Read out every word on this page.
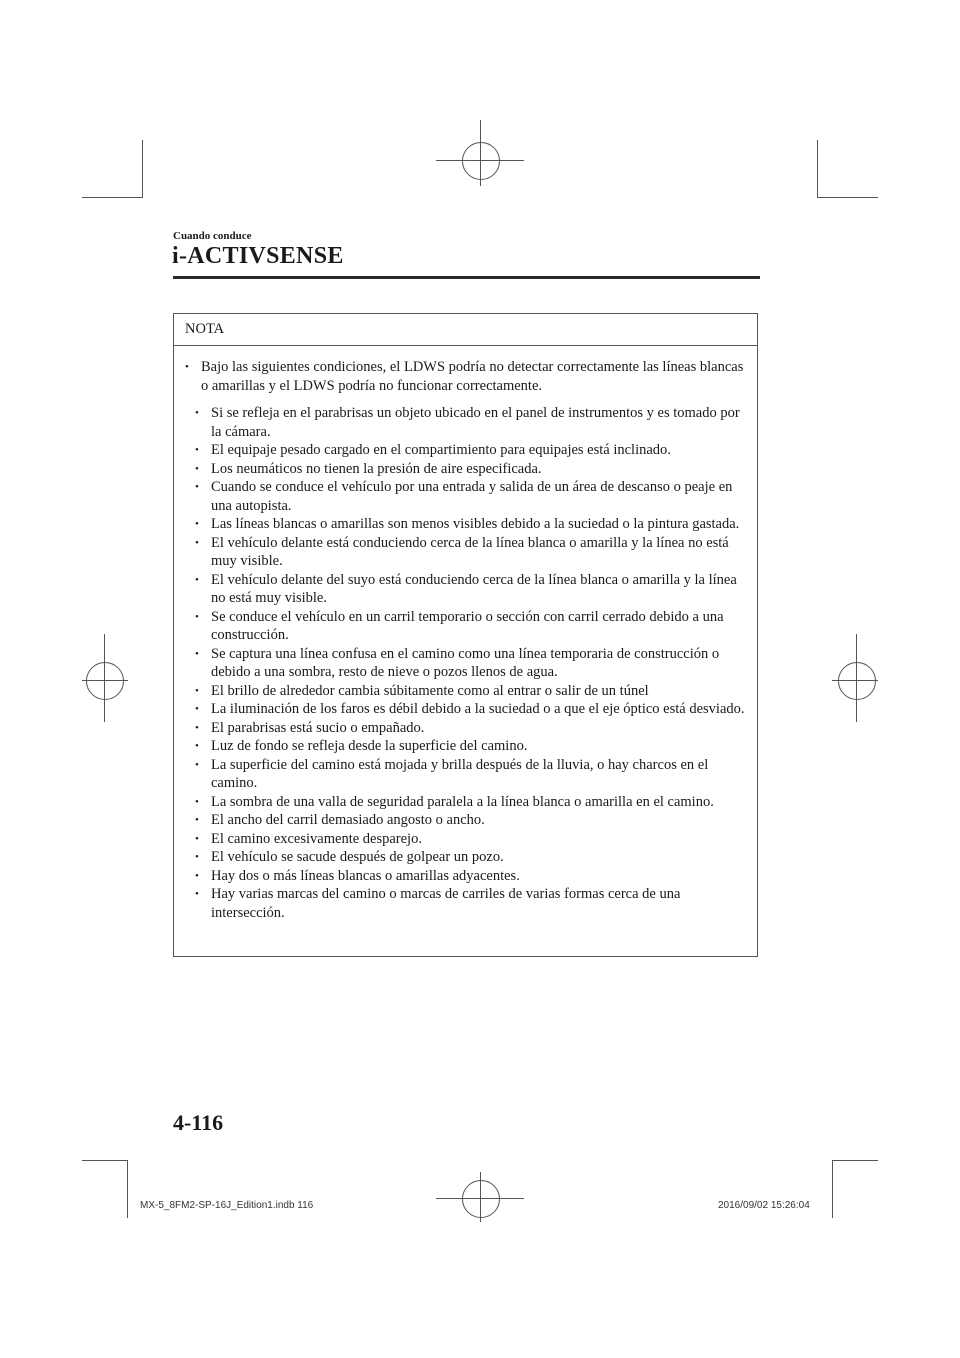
Cuando conduce
i-ACTIVSENSE
NOTA
• Bajo las siguientes condiciones, el LDWS podría no detectar correctamente las líneas blancas o amarillas y el LDWS podría no funcionar correctamente.
• Si se refleja en el parabrisas un objeto ubicado en el panel de instrumentos y es tomado por la cámara.
• El equipaje pesado cargado en el compartimiento para equipajes está inclinado.
• Los neumáticos no tienen la presión de aire especificada.
• Cuando se conduce el vehículo por una entrada y salida de un área de descanso o peaje en una autopista.
• Las líneas blancas o amarillas son menos visibles debido a la suciedad o la pintura gastada.
• El vehículo delante está conduciendo cerca de la línea blanca o amarilla y la línea no está muy visible.
• El vehículo delante del suyo está conduciendo cerca de la línea blanca o amarilla y la línea no está muy visible.
• Se conduce el vehículo en un carril temporario o sección con carril cerrado debido a una construcción.
• Se captura una línea confusa en el camino como una línea temporaria de construcción o debido a una sombra, resto de nieve o pozos llenos de agua.
• El brillo de alrededor cambia súbitamente como al entrar o salir de un túnel
• La iluminación de los faros es débil debido a la suciedad o a que el eje óptico está desviado.
• El parabrisas está sucio o empañado.
• Luz de fondo se refleja desde la superficie del camino.
• La superficie del camino está mojada y brilla después de la lluvia, o hay charcos en el camino.
• La sombra de una valla de seguridad paralela a la línea blanca o amarilla en el camino.
• El ancho del carril demasiado angosto o ancho.
• El camino excesivamente desparejo.
• El vehículo se sacude después de golpear un pozo.
• Hay dos o más líneas blancas o amarillas adyacentes.
• Hay varias marcas del camino o marcas de carriles de varias formas cerca de una intersección.
4-116
MX-5_8FM2-SP-16J_Edition1.indb 116	2016/09/02 15:26:04
